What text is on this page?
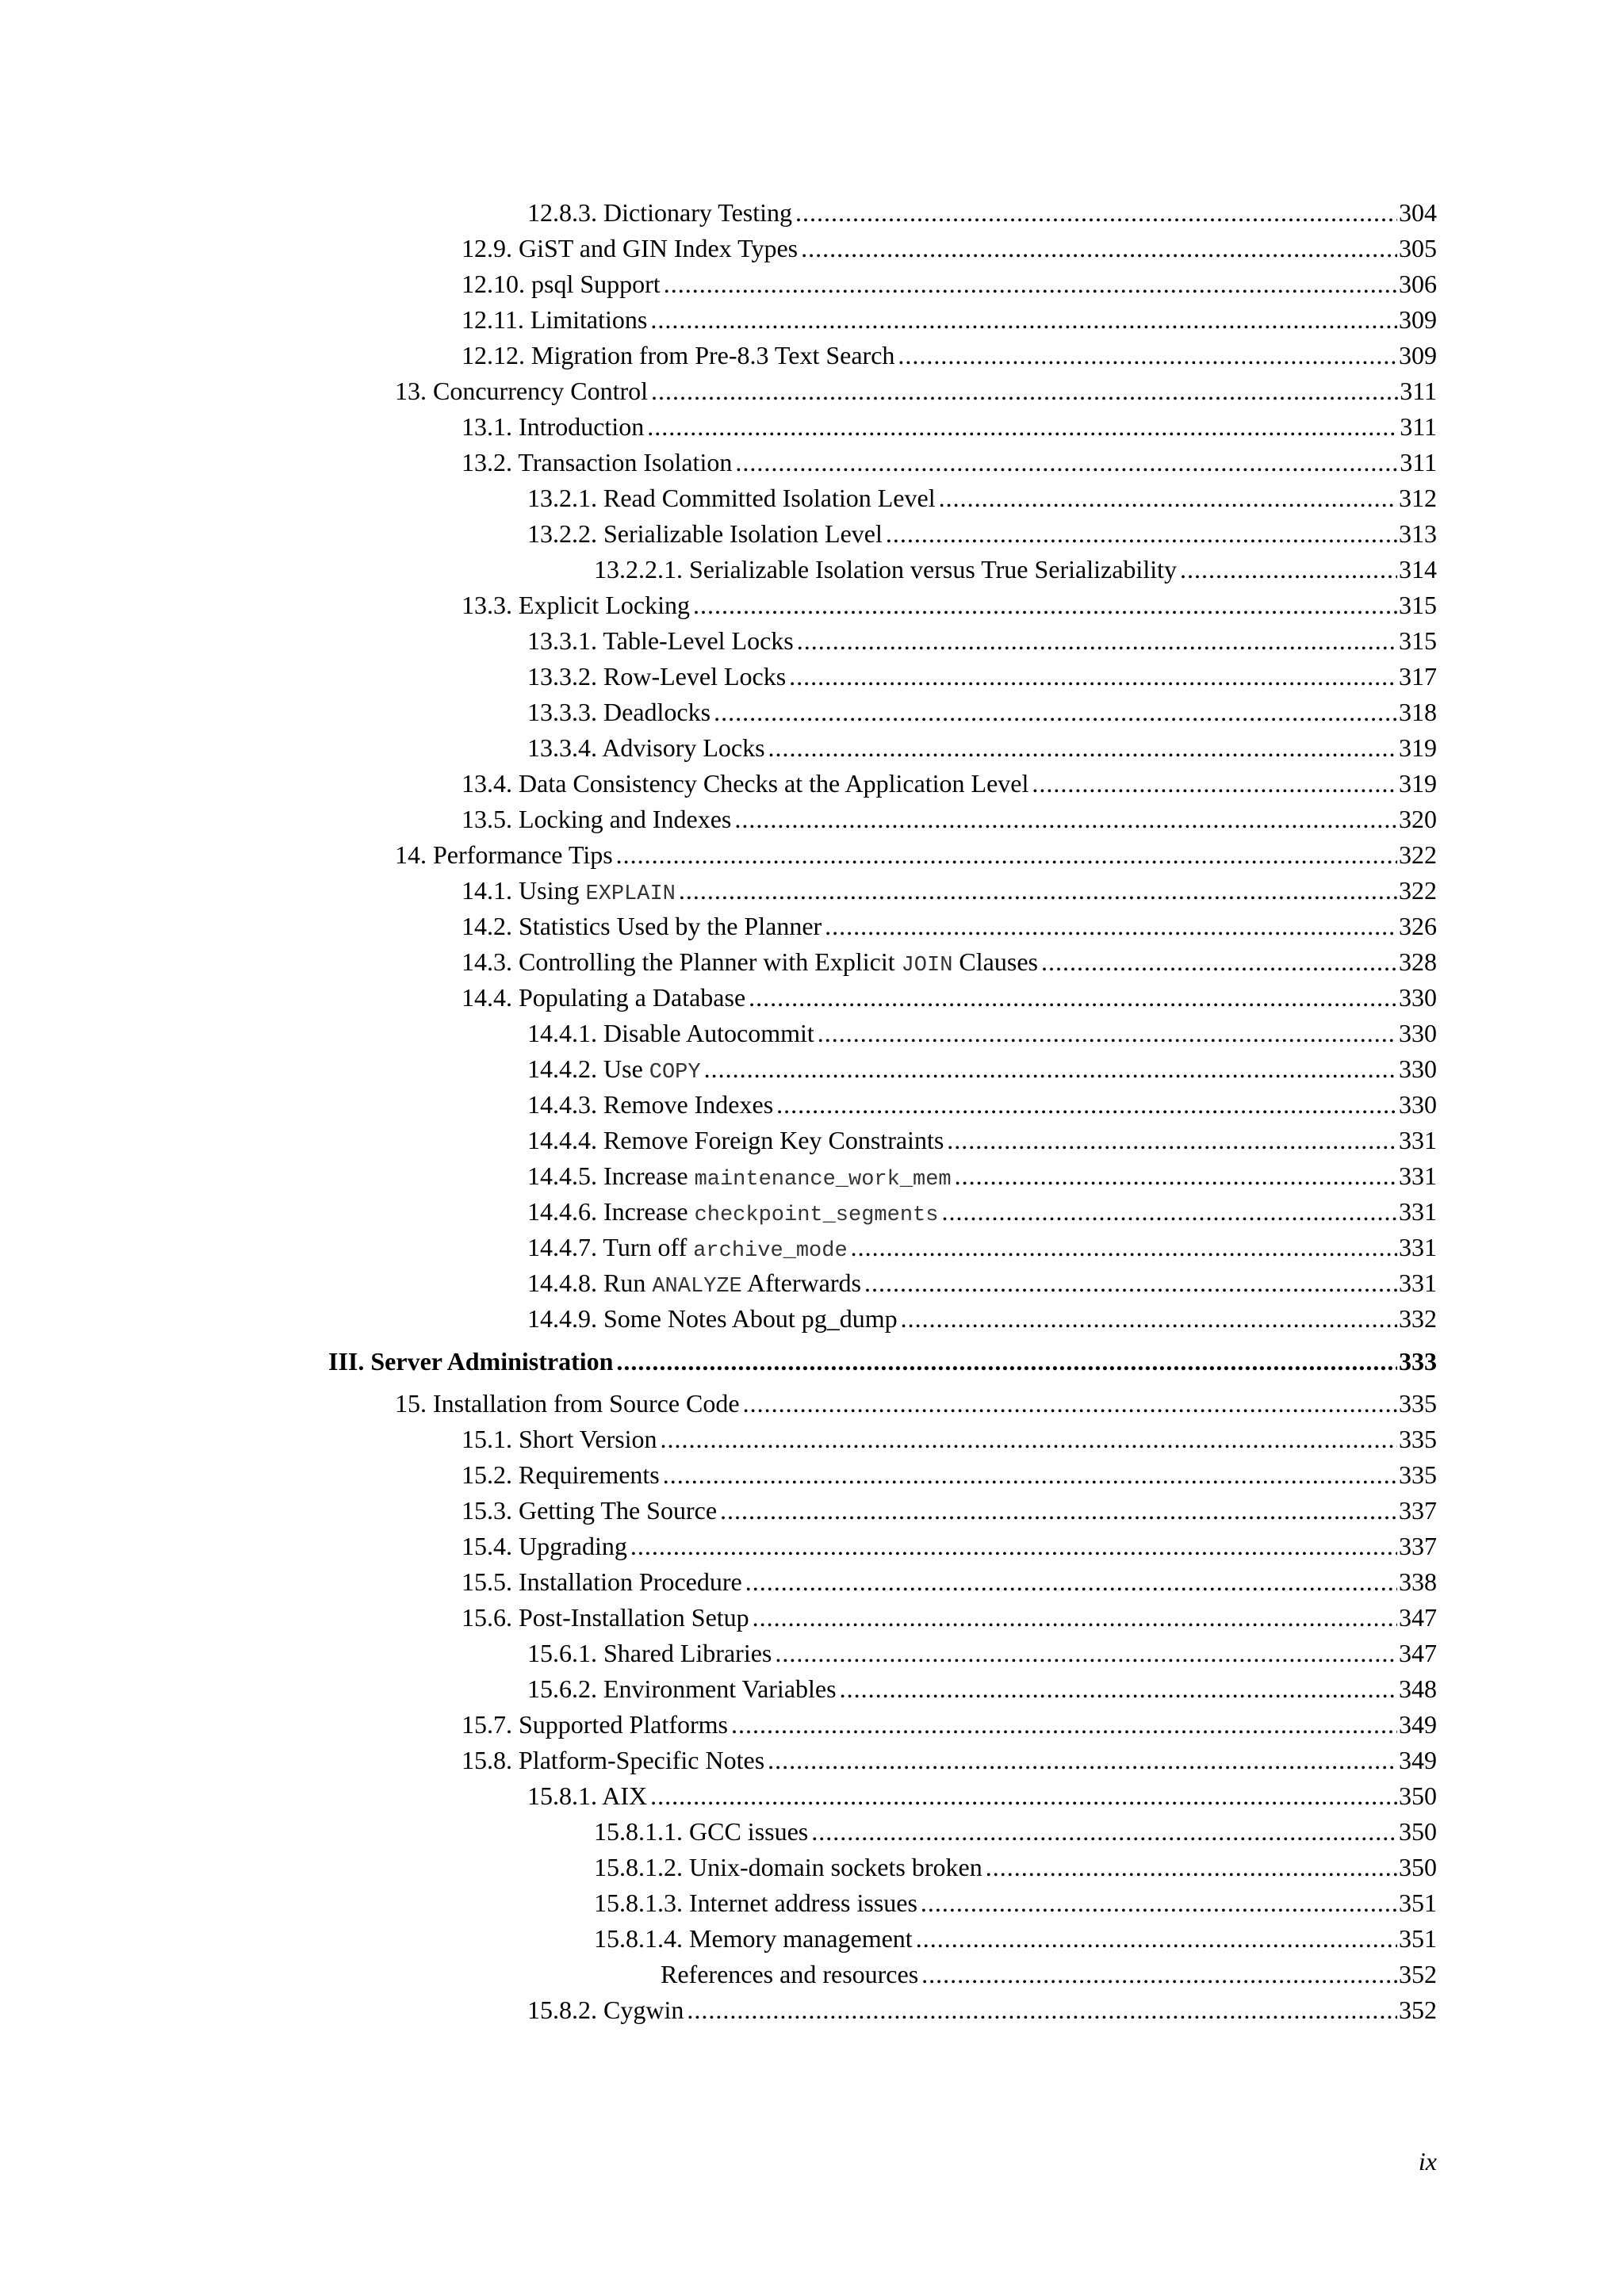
12.8.3. Dictionary Testing .....	304
12.9. GiST and GIN Index Types .....	305
12.10. psql Support .....	306
12.11. Limitations .....	309
12.12. Migration from Pre-8.3 Text Search .....	309
13. Concurrency Control .....	311
13.1. Introduction .....	311
13.2. Transaction Isolation .....	311
13.2.1. Read Committed Isolation Level .....	312
13.2.2. Serializable Isolation Level .....	313
13.2.2.1. Serializable Isolation versus True Serializability .....	314
13.3. Explicit Locking .....	315
13.3.1. Table-Level Locks .....	315
13.3.2. Row-Level Locks .....	317
13.3.3. Deadlocks .....	318
13.3.4. Advisory Locks .....	319
13.4. Data Consistency Checks at the Application Level .....	319
13.5. Locking and Indexes .....	320
14. Performance Tips .....	322
14.1. Using EXPLAIN .....	322
14.2. Statistics Used by the Planner .....	326
14.3. Controlling the Planner with Explicit JOIN Clauses .....	328
14.4. Populating a Database .....	330
14.4.1. Disable Autocommit .....	330
14.4.2. Use COPY .....	330
14.4.3. Remove Indexes .....	330
14.4.4. Remove Foreign Key Constraints .....	331
14.4.5. Increase maintenance_work_mem .....	331
14.4.6. Increase checkpoint_segments .....	331
14.4.7. Turn off archive_mode .....	331
14.4.8. Run ANALYZE Afterwards .....	331
14.4.9. Some Notes About pg_dump .....	332
III. Server Administration .....	333
15. Installation from Source Code .....	335
15.1. Short Version .....	335
15.2. Requirements .....	335
15.3. Getting The Source .....	337
15.4. Upgrading .....	337
15.5. Installation Procedure .....	338
15.6. Post-Installation Setup .....	347
15.6.1. Shared Libraries .....	347
15.6.2. Environment Variables .....	348
15.7. Supported Platforms .....	349
15.8. Platform-Specific Notes .....	349
15.8.1. AIX .....	350
15.8.1.1. GCC issues .....	350
15.8.1.2. Unix-domain sockets broken .....	350
15.8.1.3. Internet address issues .....	351
15.8.1.4. Memory management .....	351
References and resources .....	352
15.8.2. Cygwin .....	352
ix
